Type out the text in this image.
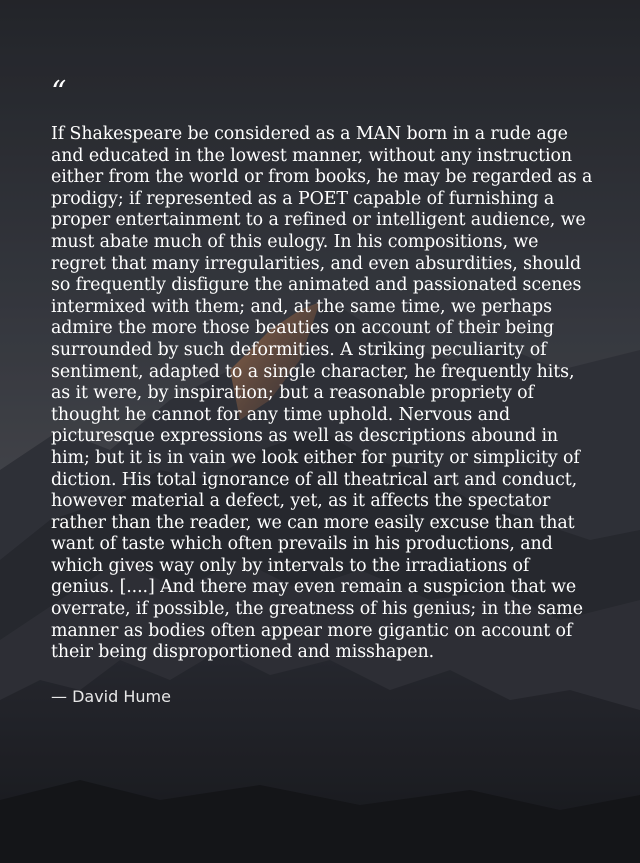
“

If Shakespeare be considered as a MAN born in a rude age and educated in the lowest manner, without any instruction either from the world or from books, he may be regarded as a prodigy; if represented as a POET capable of furnishing a proper entertainment to a refined or intelligent audience, we must abate much of this eulogy. In his compositions, we regret that many irregularities, and even absurdities, should so frequently disfigure the animated and passionated scenes intermixed with them; and, at the same time, we perhaps admire the more those beauties on account of their being surrounded by such deformities. A striking peculiarity of sentiment, adapted to a single character, he frequently hits, as it were, by inspiration; but a reasonable propriety of thought he cannot for any time uphold. Nervous and picturesque expressions as well as descriptions abound in him; but it is in vain we look either for purity or simplicity of diction. His total ignorance of all theatrical art and conduct, however material a defect, yet, as it affects the spectator rather than the reader, we can more easily excuse than that want of taste which often prevails in his productions, and which gives way only by intervals to the irradiations of genius. [....] And there may even remain a suspicion that we overrate, if possible, the greatness of his genius; in the same manner as bodies often appear more gigantic on account of their being disproportioned and misshapen.

— David Hume
